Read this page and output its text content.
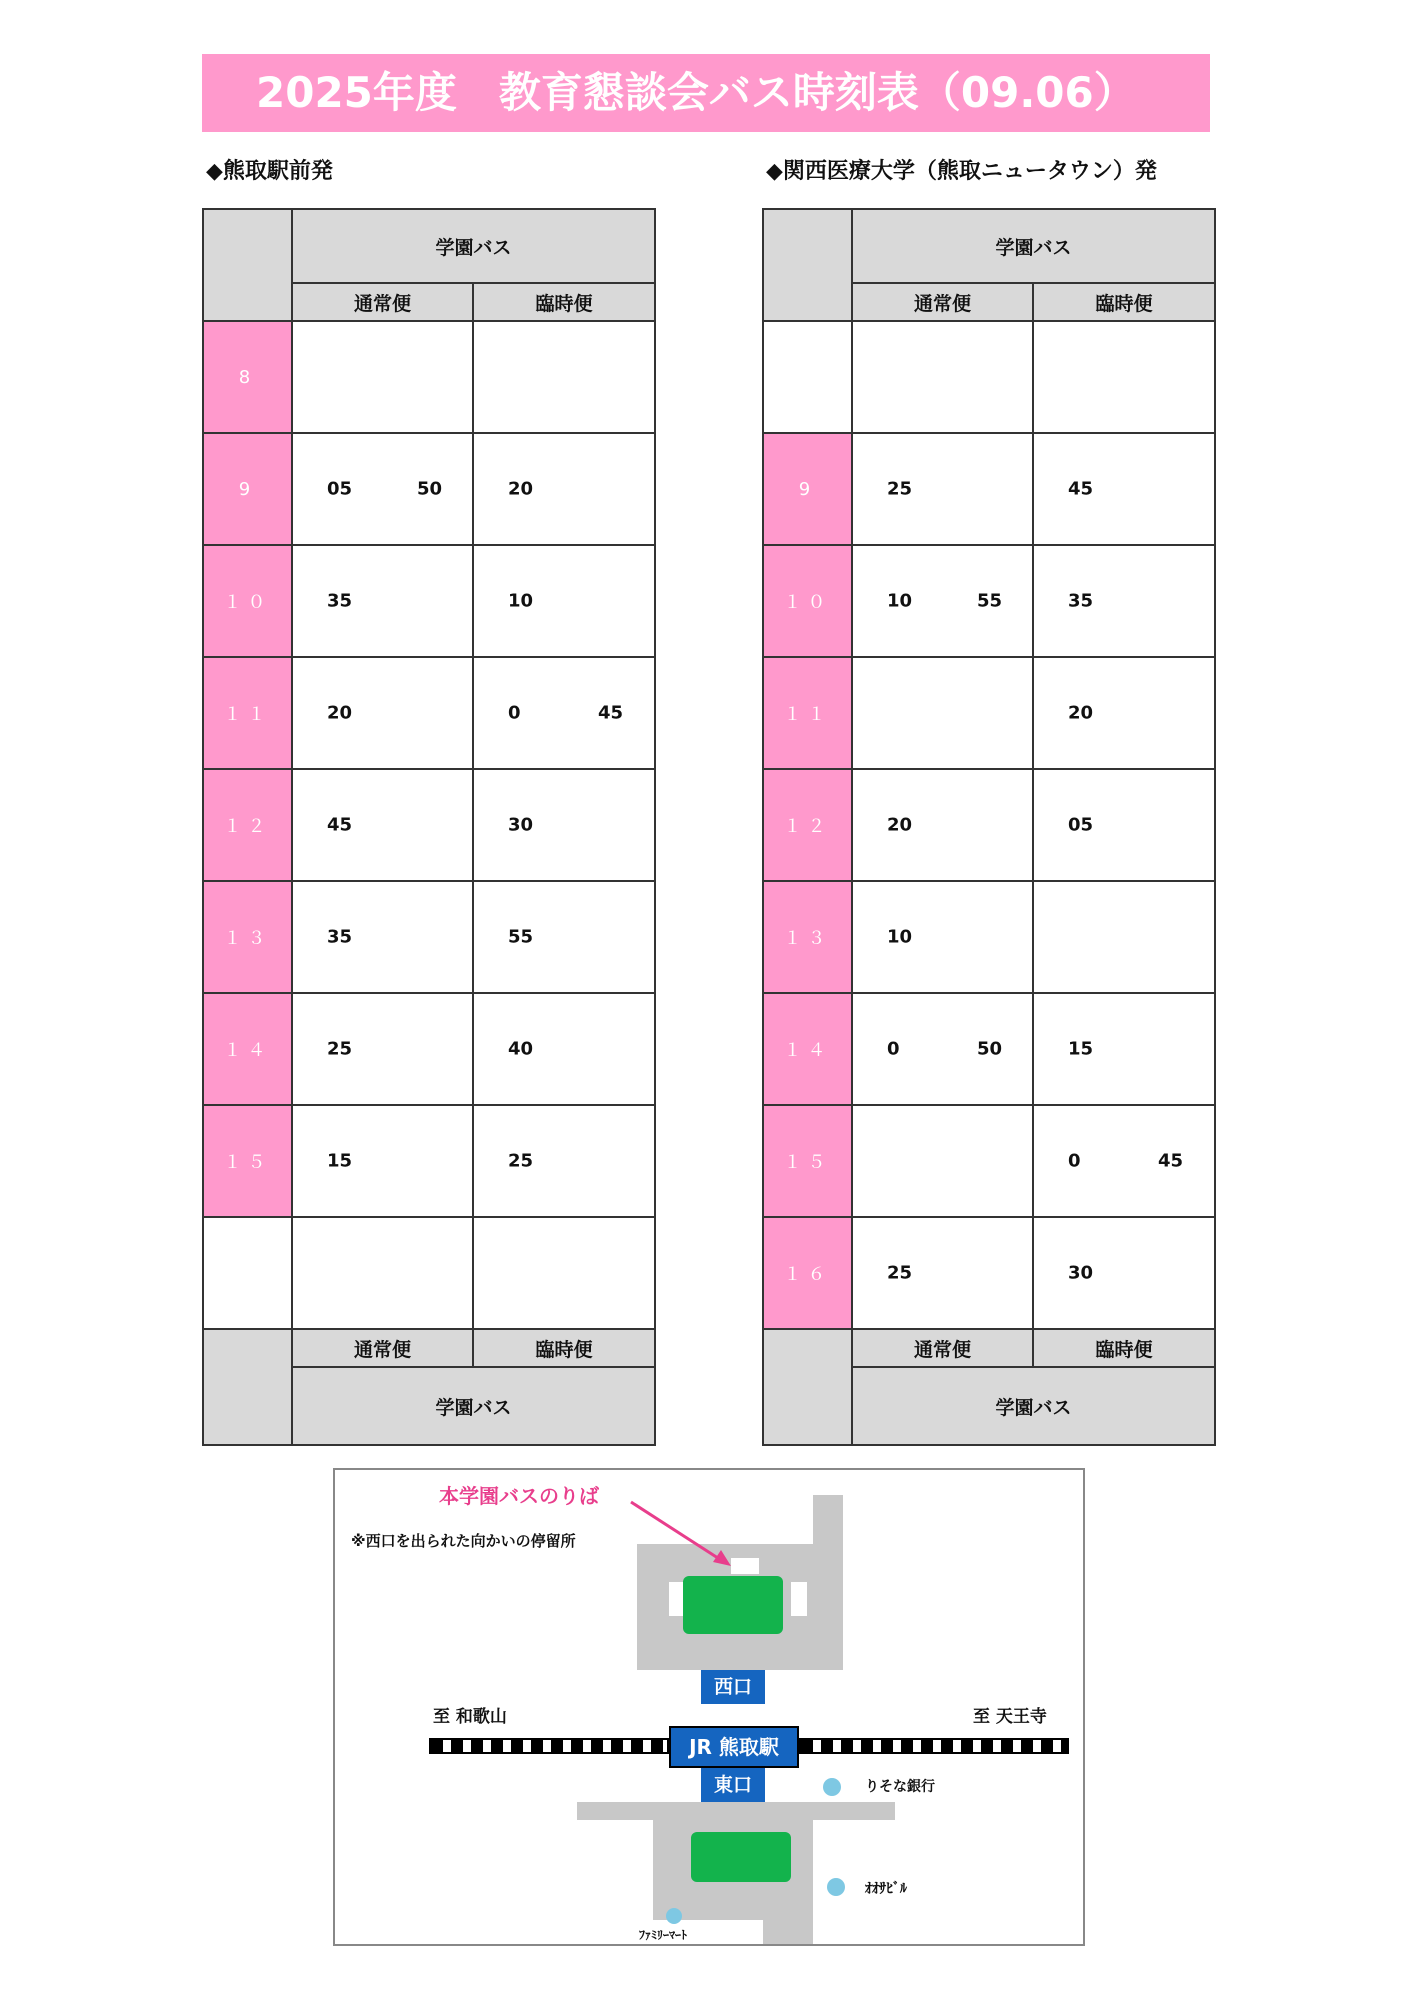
2025年度　教育懇談会バス時刻表（09.06）
◆熊取駅前発	◆関西医療大学（熊取ニュータウン）発
	学園バス	
	通常便	臨時便
8	

9	05 50	20

１０	35	10

１１	20	0 45

１２	45	30

１３	35	55

１４	25	40

１５	15	25

	通常便	臨時便
	学園バス	
	学園バス	
	通常便	臨時便

9	25	45

１０	10 55	35

１１		20

１２	20	05

１３	10	

１４	0 50	15

１５		0 45

１６	25	30

	通常便	臨時便
	学園バス	
西口
至 和歌山	至 天王寺
JR 熊取駅
東口	りそな銀行
ｵｵｻﾋﾞﾙ
ﾌｧﾐﾘｰﾏｰﾄ
本学園バスのりば
※西口を出られた向かいの停留所
